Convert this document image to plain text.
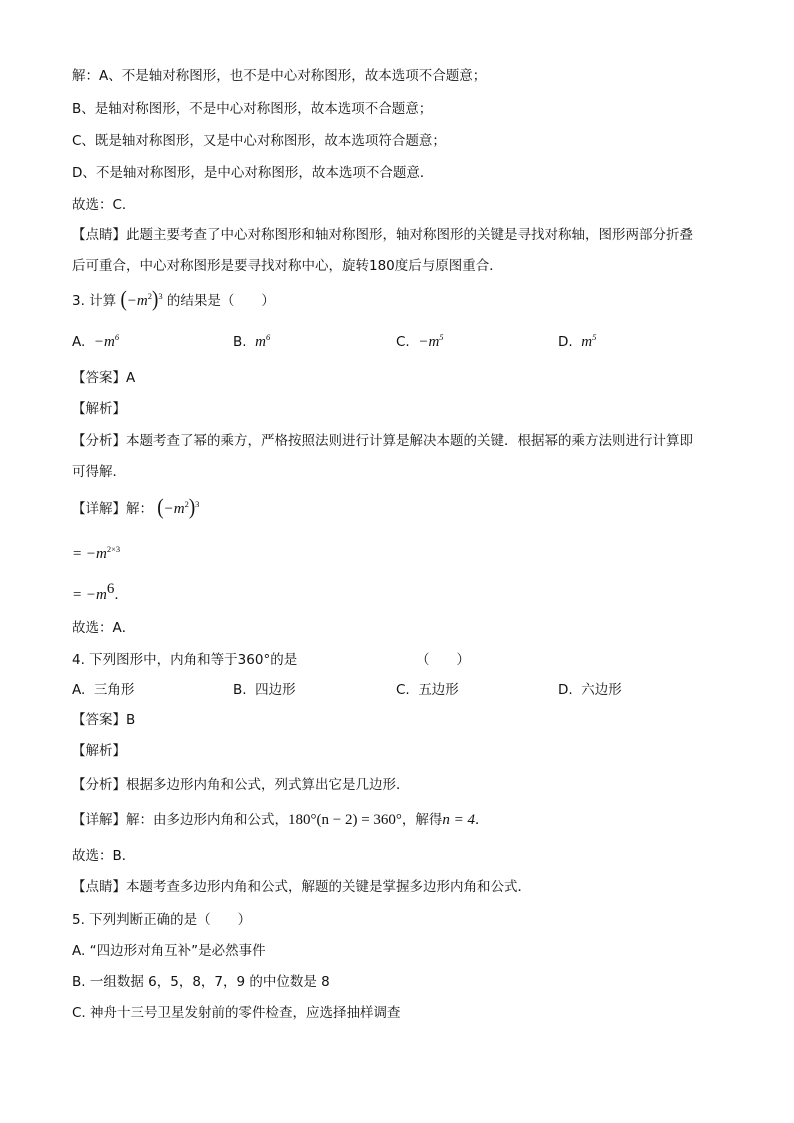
解：A、不是轴对称图形，也不是中心对称图形，故本选项不合题意；
B、是轴对称图形，不是中心对称图形，故本选项不合题意；
C、既是轴对称图形，又是中心对称图形，故本选项符合题意；
D、不是轴对称图形，是中心对称图形，故本选项不合题意．
故选：C．
【点睛】此题主要考查了中心对称图形和轴对称图形，轴对称图形的关键是寻找对称轴，图形两部分折叠
后可重合，中心对称图形是要寻找对称中心，旋转180度后与原图重合．
3. 计算 $(-m^2)^3$ 的结果是（　　）
A. $-m^6$	B. $m^6$	C. $-m^5$	D. $m^5$
【答案】A
【解析】
【分析】本题考查了幂的乘方，严格按照法则进行计算是解决本题的关键．根据幂的乘方法则进行计算即
可得解．
【详解】解： $(-m^2)^3$
= $-m^{2\times 3}$
= $-m^6$．
故选：A．
4. 下列图形中，内角和等于360°的是	（　　）
A. 三角形	B. 四边形	C. 五边形	D. 六边形
【答案】B
【解析】
【分析】根据多边形内角和公式，列式算出它是几边形．
【详解】解：由多边形内角和公式，180°(n − 2) = 360°，解得n = 4．
故选：B．
【点睛】本题考查多边形内角和公式，解题的关键是掌握多边形内角和公式．
5. 下列判断正确的是（　　）
A. “四边形对角互补”是必然事件
B. 一组数据 6，5，8，7，9 的中位数是 8
C. 神舟十三号卫星发射前的零件检查，应选择抽样调查
